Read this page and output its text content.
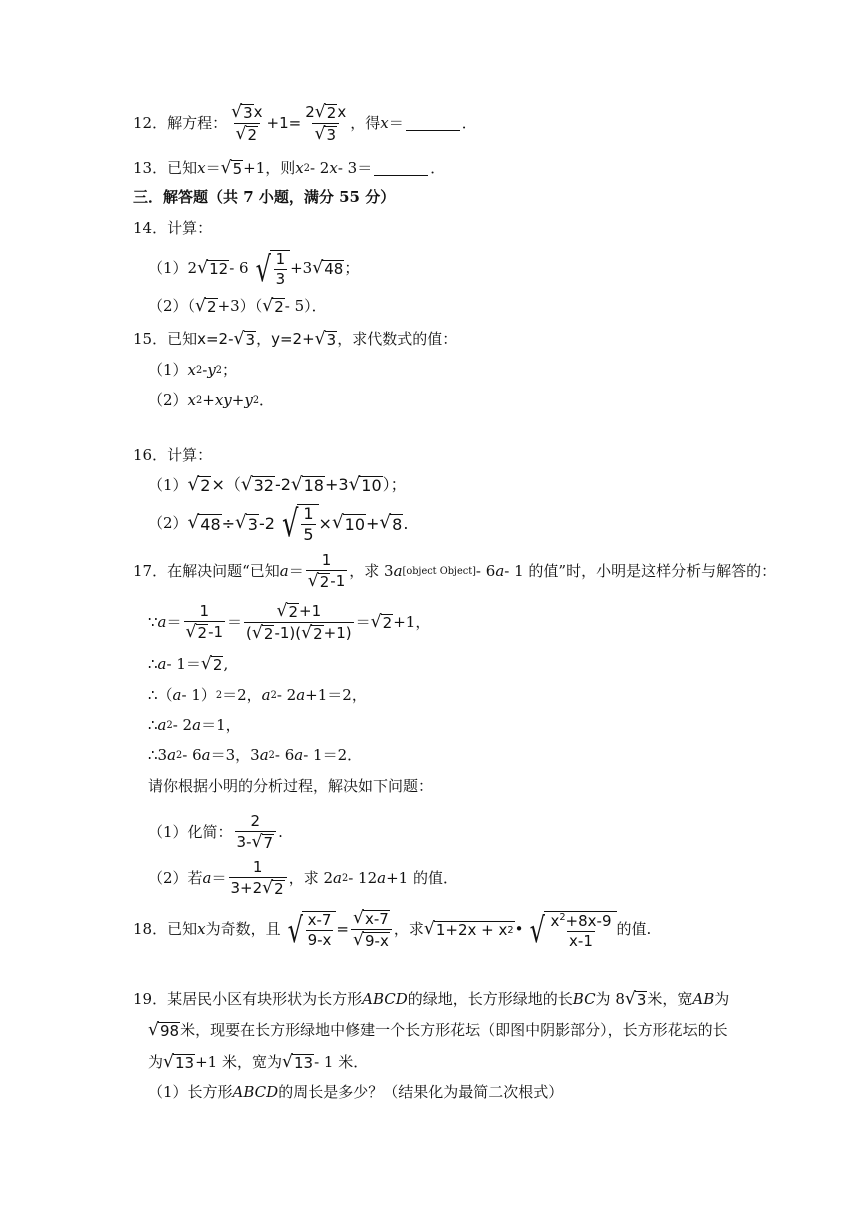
12． 解方程： $\frac{√ 3 x}{√ 2} +1= \frac{2 √ 2 x}{√ 3}$ ，得 x ＝	．
13． 已知 x ＝ √ 5 +1，则 x 2 - 2 x - 3＝	．
三．解答题（共 7 小题，满分 55 分）
14． 计算：
（1）2 √ 12 - 6 √ $\frac{1}{3} +3$ √ 48 ；
（2）（ √ 2 +3）（ √ 2 - 5）．
15． 已知 x=2- √ 3 ， y=2+ √ 3 ，求代数式的值：
（1） x 2 - y 2 ；
（2） x 2 + xy + y 2 ．
16． 计算：
（1） √ 2 ×（ √ 32 -2 √ 18 +3 √ 10 ）；
（2） √ 48 ÷ √ 3 -2 √ $\frac{1}{5}$ × √ 10 + √ 8 .
17． 在解决问题“已知 $a = \frac{1}{√ 2 -1}$ ，求 3 a [object Object] - 6 a - 1 的值”时，小明是这样分析与解答的：
∵ $a = \frac{1}{√ 2 -1} = \frac{√ 2 +1}{( √ 2 -1)( √ 2 +1)}$ ＝ √ 2 +1，
∴ a - 1＝ √ 2 ,
∴（ a - 1） 2 ＝2， a 2 - 2 a +1＝2，
∴ a 2 - 2 a ＝1，
∴3 a 2 - 6 a ＝3，3 a 2 - 6 a - 1＝2．
请你根据小明的分析过程，解决如下问题：
（1）化简： $\frac{2}{3- √ 7}$ .
（2）若 $a = \frac{1}{3+2 √ 2}$ ，求 2 a 2 - 12 a +1 的值．
18． 已知 x 为奇数，且 √ $\frac{x-7}{9-x} = \frac{√ x-7}{√ 9-x}$ ，求 √ 1+2x + x 2 • √ $\frac{x^2+8x-9}{x-1}$ 的值.
19． 某居民小区有块形状为长方形 ABCD 的绿地，长方形绿地的长 BC 为 8 √ 3 米，宽 AB 为
√ 98 米，现要在长方形绿地中修建一个长方形花坛（即图中阴影部分），长方形花坛的长
为 √ 13 +1 米，宽为 √ 13 - 1 米．
（1）长方形 ABCD 的周长是多少？（结果化为最简二次根式）
